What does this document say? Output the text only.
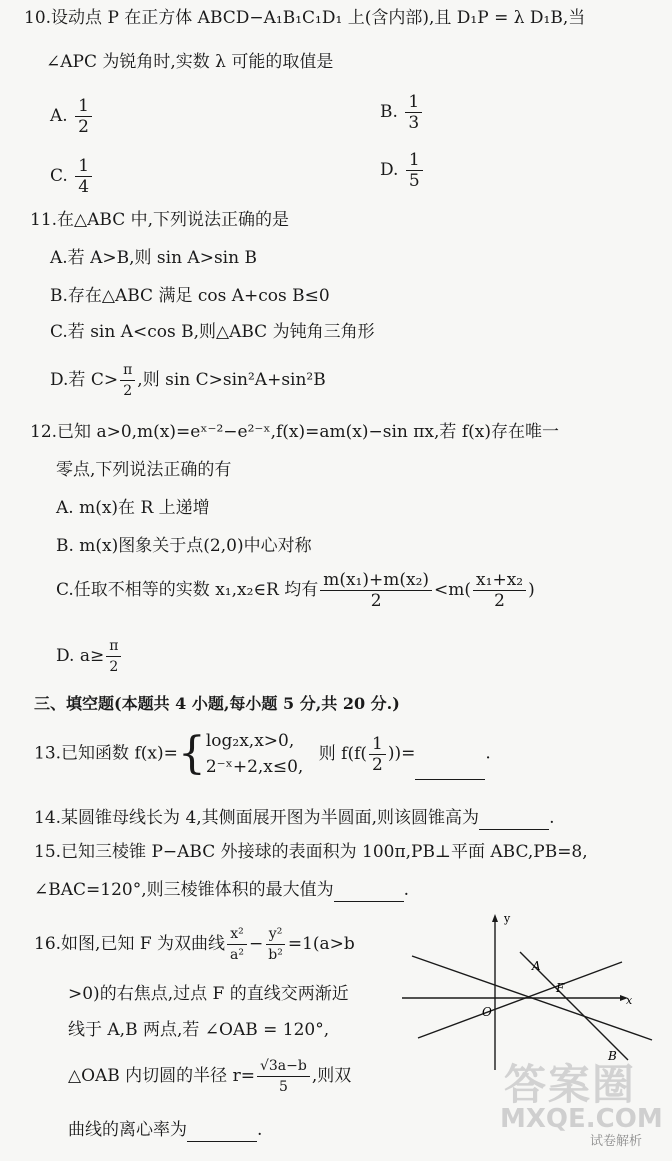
10.设动点 P 在正方体 ABCD−A₁B₁C₁D₁ 上(含内部),且 D₁P = λ D₁B,当
∠APC 为锐角时,实数 λ 可能的取值是
A. $\frac{1}{2}$	B. $\frac{1}{3}$
C. $\frac{1}{4}$	D. $\frac{1}{5}$
11.在△ABC 中,下列说法正确的是
A.若 A>B,则 sin A>sin B
B.存在△ABC 满足 cos A+cos B≤0
C.若 sin A<cos B,则△ABC 为钝角三角形
D.若 $C> \frac{\pi}{2}$ ,则 sin C>sin²A+sin²B
12.已知 a>0,m(x)=eˣ⁻²−e²⁻ˣ,f(x)=am(x)−sin πx,若 f(x)存在唯一
零点,下列说法正确的有
A. m(x)在 R 上递增
B. m(x)图象关于点(2,0)中心对称
C.任取不相等的实数 x₁,x₂∈R 均有 $\frac{\text{m(x₁)+m(x₂)}}{2} <m( \frac{\text{x₁+x₂}}{2}$ )
D. $a\ge \frac{\pi}{2}$
三、填空题(本题共 4 小题,每小题 5 分,共 20 分.)
13.已知函数 f(x)={ log₂x,x>0,
2⁻ˣ+2,x≤0,
则 $f(f( \frac{1}{2}$ ))=	.
14.某圆锥母线长为 4,其侧面展开图为半圆面,则该圆锥高为	.
15.已知三棱锥 P−ABC 外接球的表面积为 100π,PB⊥平面 ABC,PB=8,
∠BAC=120°,则三棱锥体积的最大值为	.
16.如图,已知 F 为双曲线 $\frac{\text{x²}}{\text{a²}} - \frac{\text{y²}}{\text{b²}} =1(a>b$
>0)的右焦点,过点 F 的直线交两渐近
线于 A,B 两点,若 ∠OAB = 120°,
△OAB 内切圆的半径 $r= \frac{√3a-b}{5}$ ,则双
曲线的离心率为	.
y
x
O
A
B
F
答案圈
MXQE.COM
试卷解析
